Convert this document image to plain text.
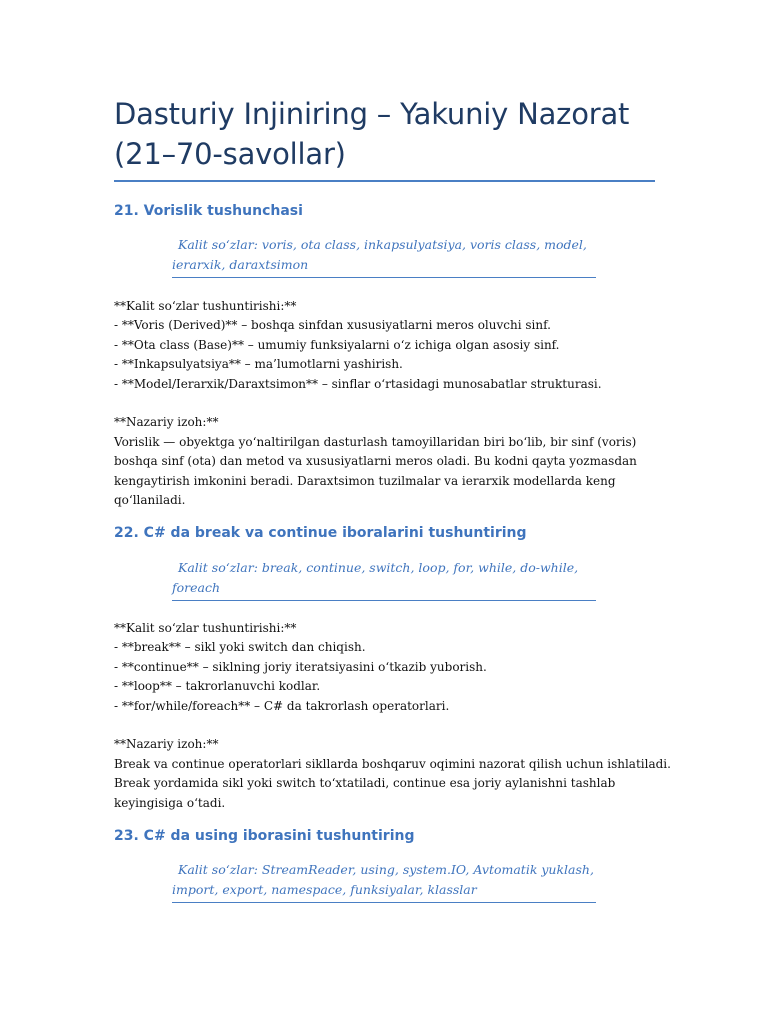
Dasturiy Injiniring – Yakuniy Nazorat
(21–70-savollar)
21. Vorislik tushunchasi

Kalit so‘zlar: voris, ota class, inkapsulyatsiya, voris class, model,

ierarxik, daraxtsimon

**Kalit so‘zlar tushuntirishi:**

- **Voris (Derived)** – boshqa sinfdan xususiyatlarni meros oluvchi sinf.

- **Ota class (Base)** – umumiy funksiyalarni o‘z ichiga olgan asosiy sinf.

- **Inkapsulyatsiya** – ma’lumotlarni yashirish.

- **Model/Ierarxik/Daraxtsimon** – sinflar o‘rtasidagi munosabatlar strukturasi.

**Nazariy izoh:**

Vorislik — obyektga yo‘naltirilgan dasturlash tamoyillaridan biri bo‘lib, bir sinf (voris)

boshqa sinf (ota) dan metod va xususiyatlarni meros oladi. Bu kodni qayta yozmasdan

kengaytirish imkonini beradi. Daraxtsimon tuzilmalar va ierarxik modellarda keng

qo‘llaniladi.

22. C# da break va continue iboralarini tushuntiring

Kalit so‘zlar: break, continue, switch, loop, for, while, do-while,

foreach

**Kalit so‘zlar tushuntirishi:**

- **break** – sikl yoki switch dan chiqish.

- **continue** – siklning joriy iteratsiyasini o‘tkazib yuborish.

- **loop** – takrorlanuvchi kodlar.

- **for/while/foreach** – C# da takrorlash operatorlari.

**Nazariy izoh:**

Break va continue operatorlari sikllarda boshqaruv oqimini nazorat qilish uchun ishlatiladi.

Break yordamida sikl yoki switch to‘xtatiladi, continue esa joriy aylanishni tashlab

keyingisiga o‘tadi.

23. C# da using iborasini tushuntiring

Kalit so‘zlar: StreamReader, using, system.IO, Avtomatik yuklash,

import, export, namespace, funksiyalar, klasslar
